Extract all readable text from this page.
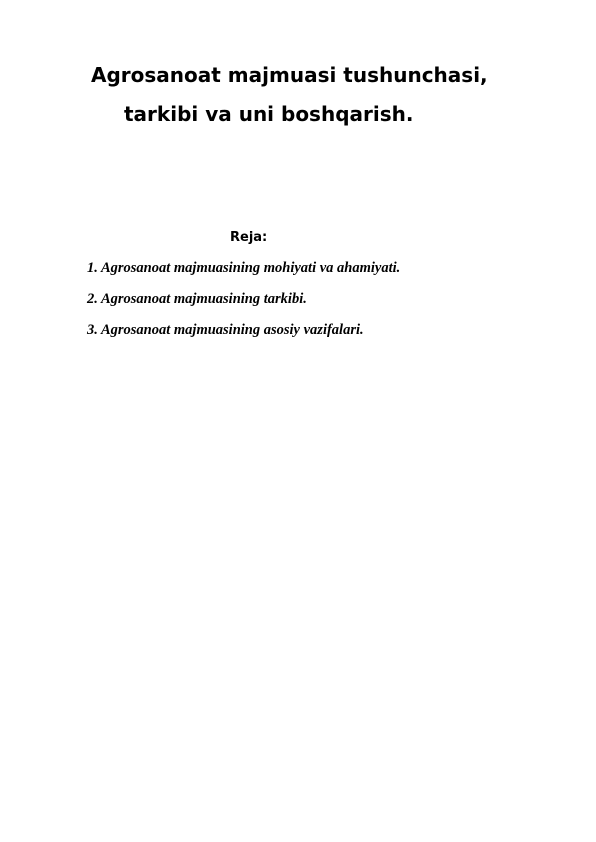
Agrosanoat majmuasi tushunchasi,
tarkibi va uni boshqarish.
Reja:
1. Agrosanoat majmuasining mohiyati va ahamiyati.
2. Agrosanoat majmuasining tarkibi.
3. Agrosanoat majmuasining asosiy vazifalari.
